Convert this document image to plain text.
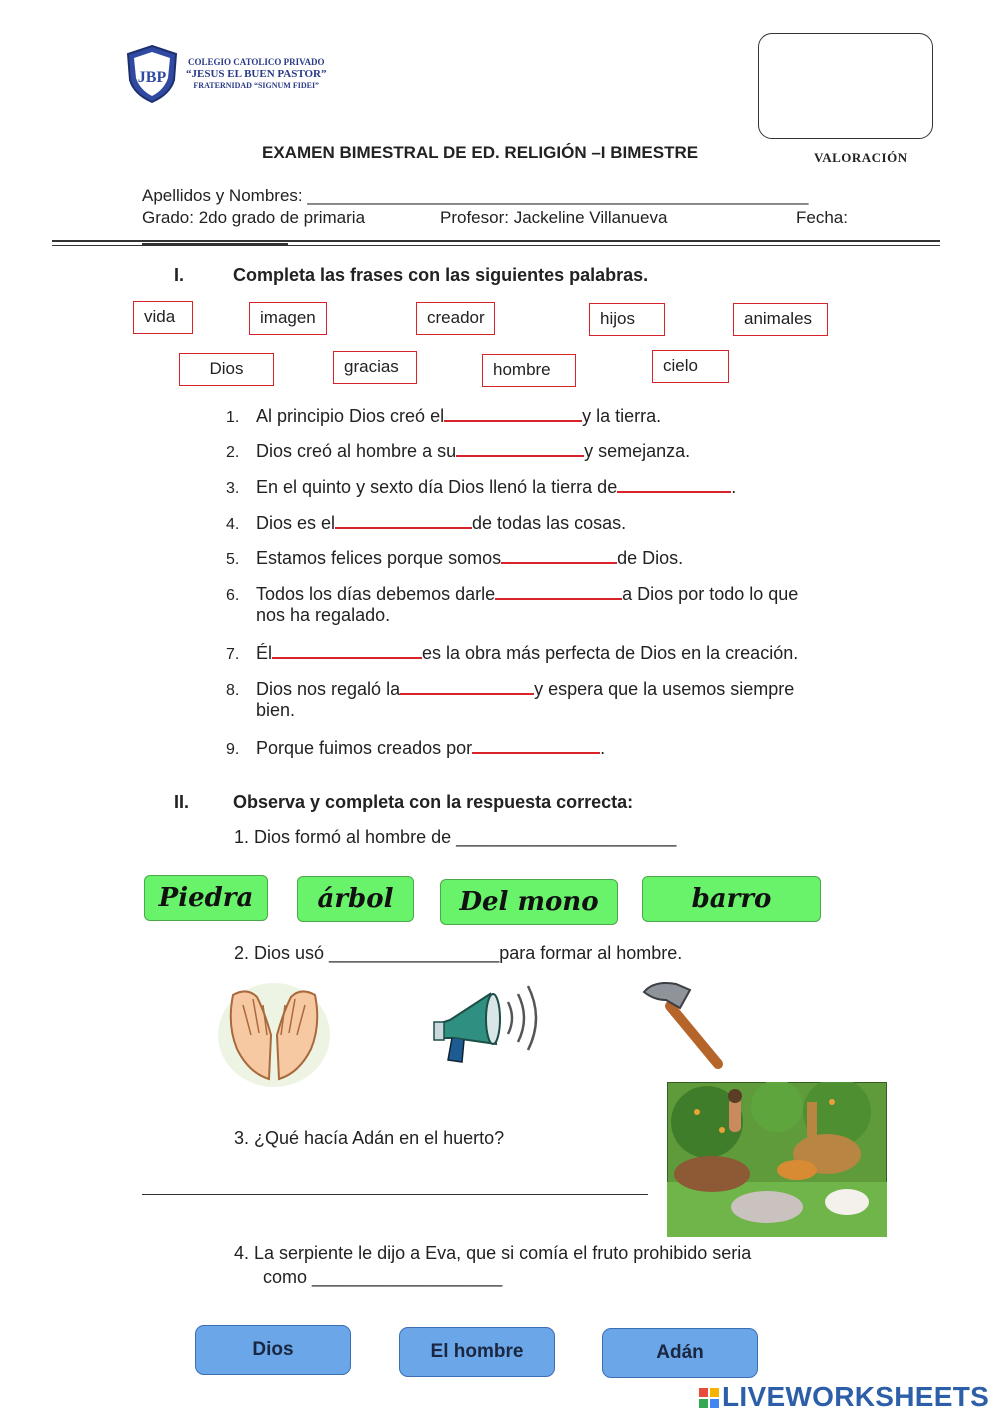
JBP
COLEGIO CATOLICO PRIVADO
“JESUS EL BUEN PASTOR”
FRATERNIDAD “SIGNUM FIDEI”
VALORACIÓN
EXAMEN BIMESTRAL DE ED. RELIGIÓN –I BIMESTRE
Apellidos y Nombres: _____________________________________________________
Grado: 2do grado de primaria	Profesor: Jackeline Villanueva	Fecha:
I.	Completa las frases con las siguientes palabras.
vida	imagen	creador	hijos	animales
Dios	gracias	hombre	cielo
1. Al principio Dios creó el	y la tierra.
2. Dios creó al hombre a su	y semejanza.
3. En el quinto y sexto día Dios llenó la tierra de	.
4. Dios es el	de todas las cosas.
5. Estamos felices porque somos	de Dios.
6. Todos los días debemos darle	a Dios por todo lo que
nos ha regalado.
7. Él	es la obra más perfecta de Dios en la creación.
8. Dios nos regaló la	y espera que la usemos siempre
bien.
9. Porque fuimos creados por	.
II. Observa y completa con la respuesta correcta:
1. Dios formó al hombre de ______________________
Piedra	árbol	Del mono	barro
2. Dios usó _________________para formar al hombre.
3. ¿Qué hacía Adán en el huerto?
4. La serpiente le dijo a Eva, que si comía el fruto prohibido seria
como ___________________
Dios	El hombre	Adán
LIVEWORKSHEETS
